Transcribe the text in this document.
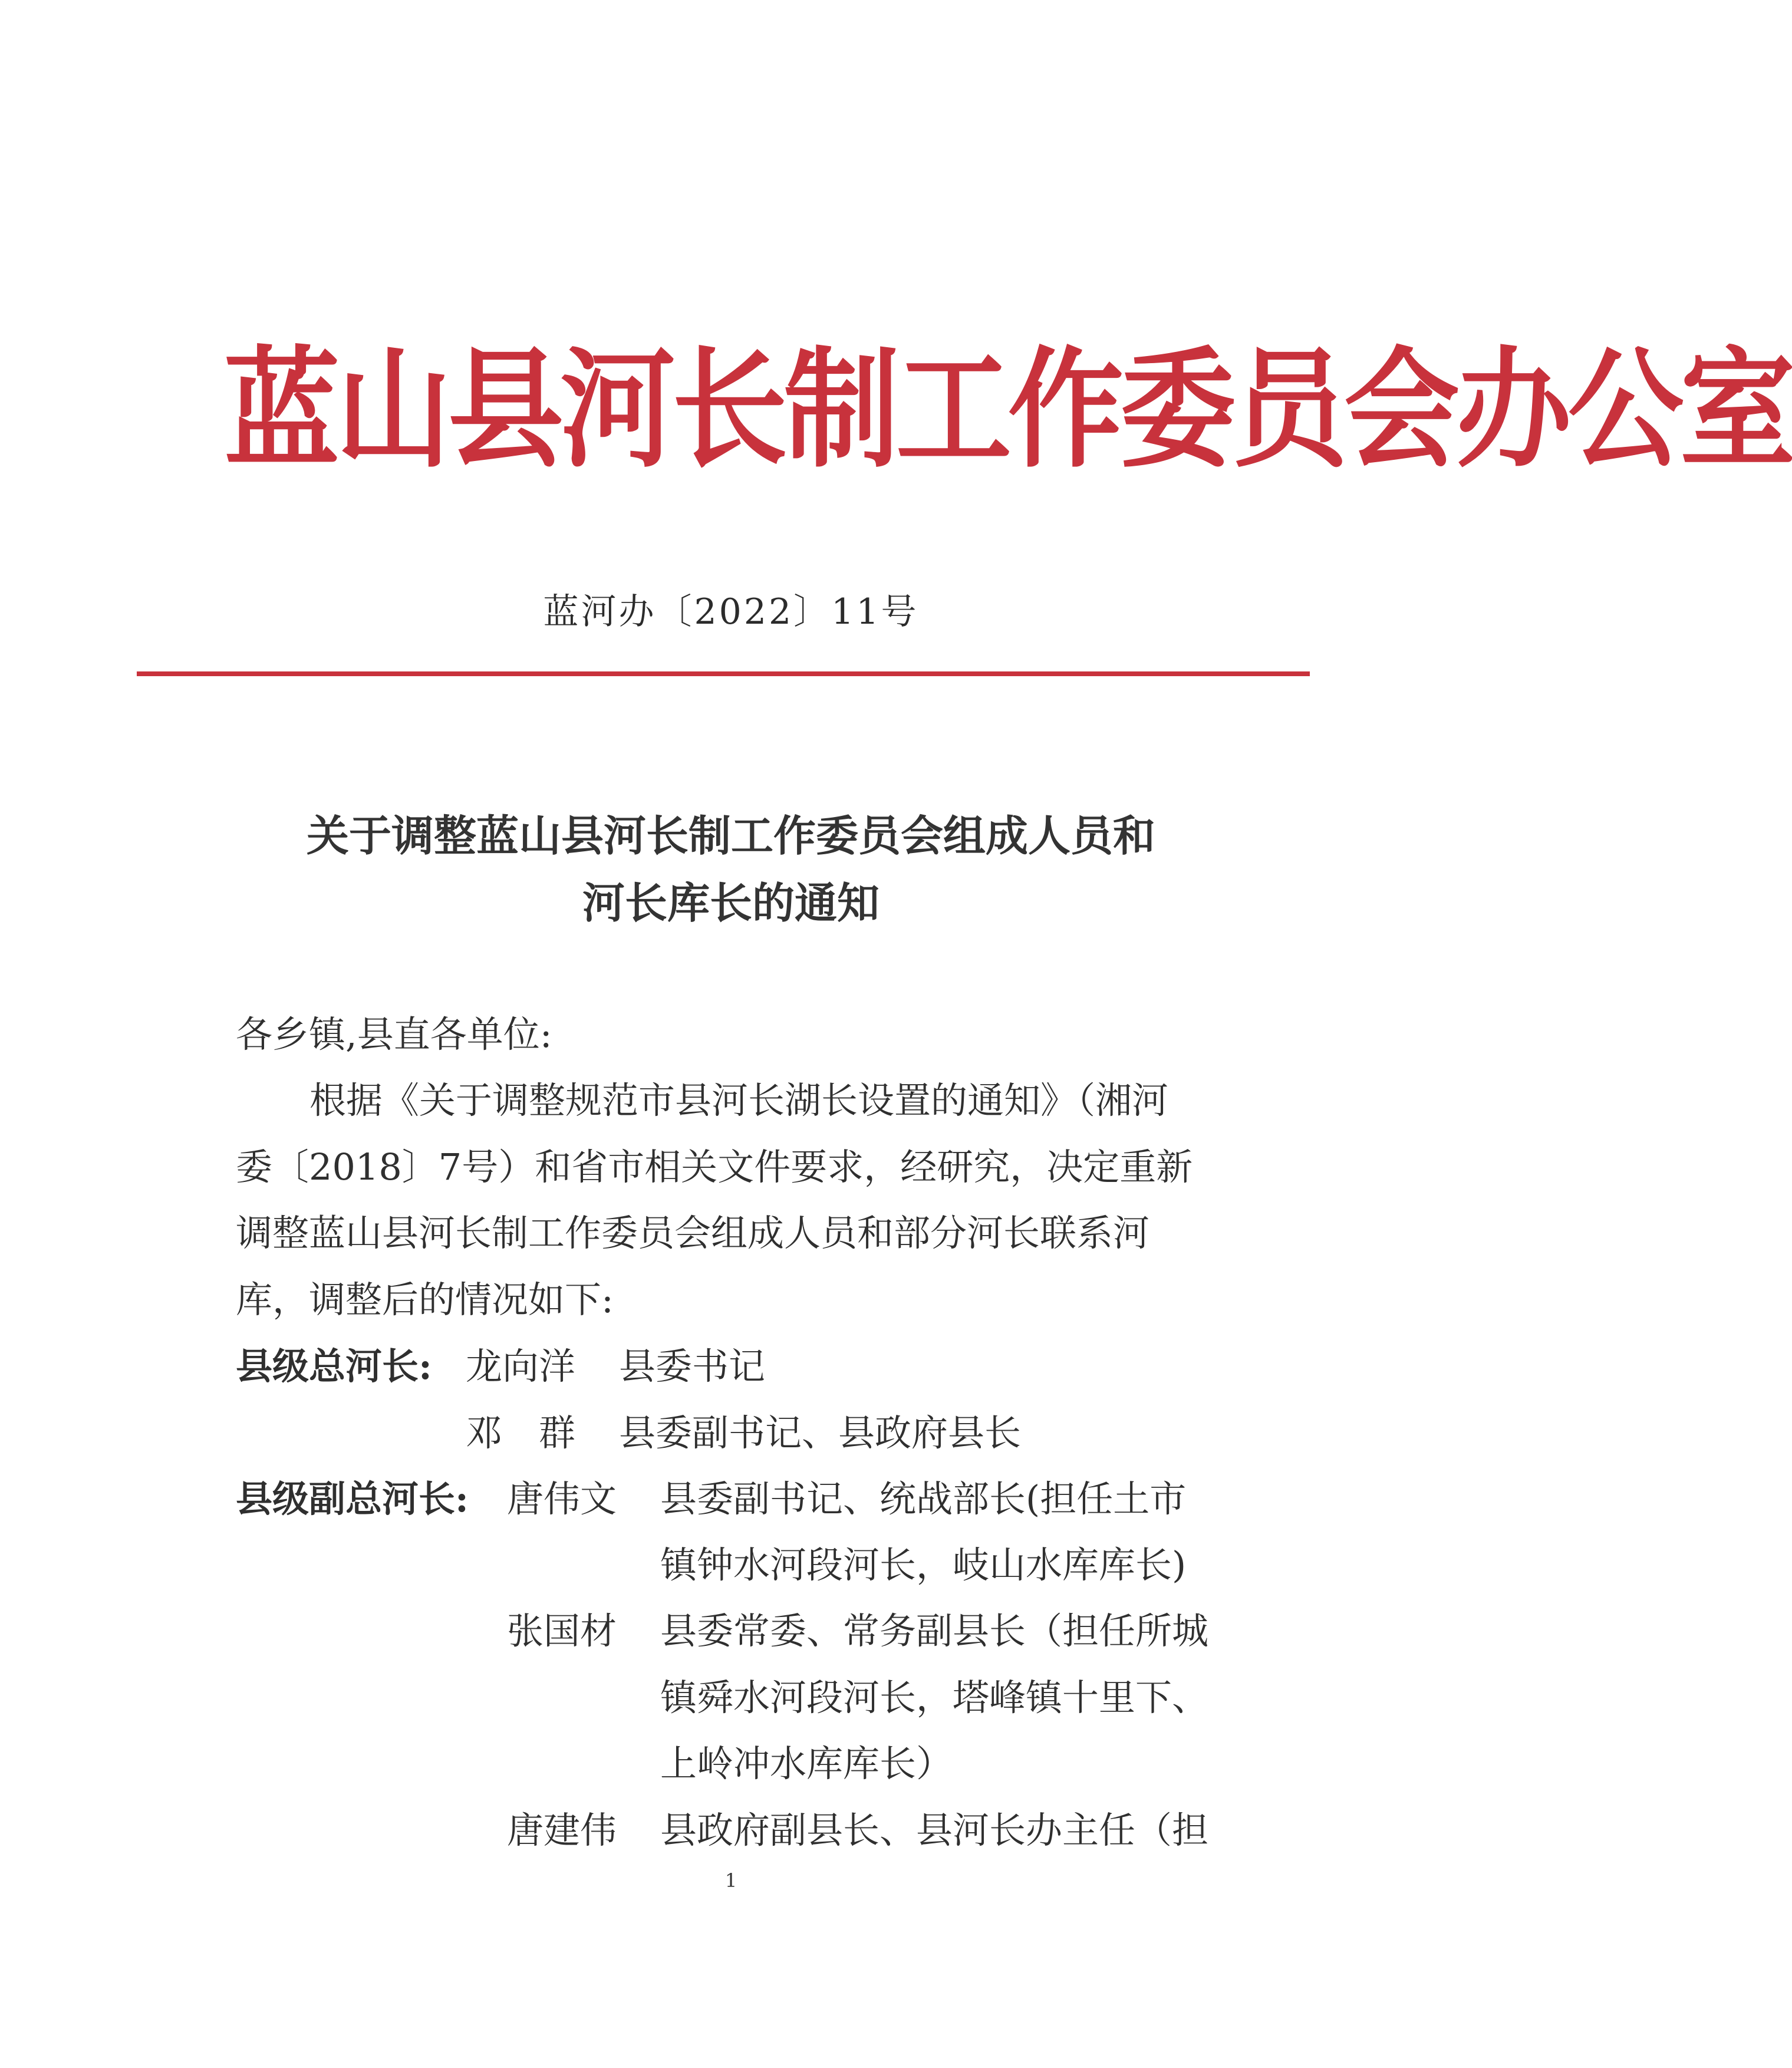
蓝山县河长制工作委员会办公室
蓝河办〔2022〕11号
关于调整蓝山县河长制工作委员会组成人员和
河长库长的通知
各乡镇,县直各单位:
根据《关于调整规范市县河长湖长设置的通知》（湘河
委〔2018〕7号）和省市相关文件要求，经研究，决定重新
调整蓝山县河长制工作委员会组成人员和部分河长联系河
库，调整后的情况如下:
县级总河长: 龙向洋 县委书记
邓　群 县委副书记、县政府县长
县级副总河长: 唐伟文 县委副书记、统战部长(担任土市
镇钟水河段河长，岐山水库库长)
张国材 县委常委、常务副县长（担任所城
镇舜水河段河长，塔峰镇十里下、
上岭冲水库库长）
唐建伟 县政府副县长、县河长办主任（担
1
